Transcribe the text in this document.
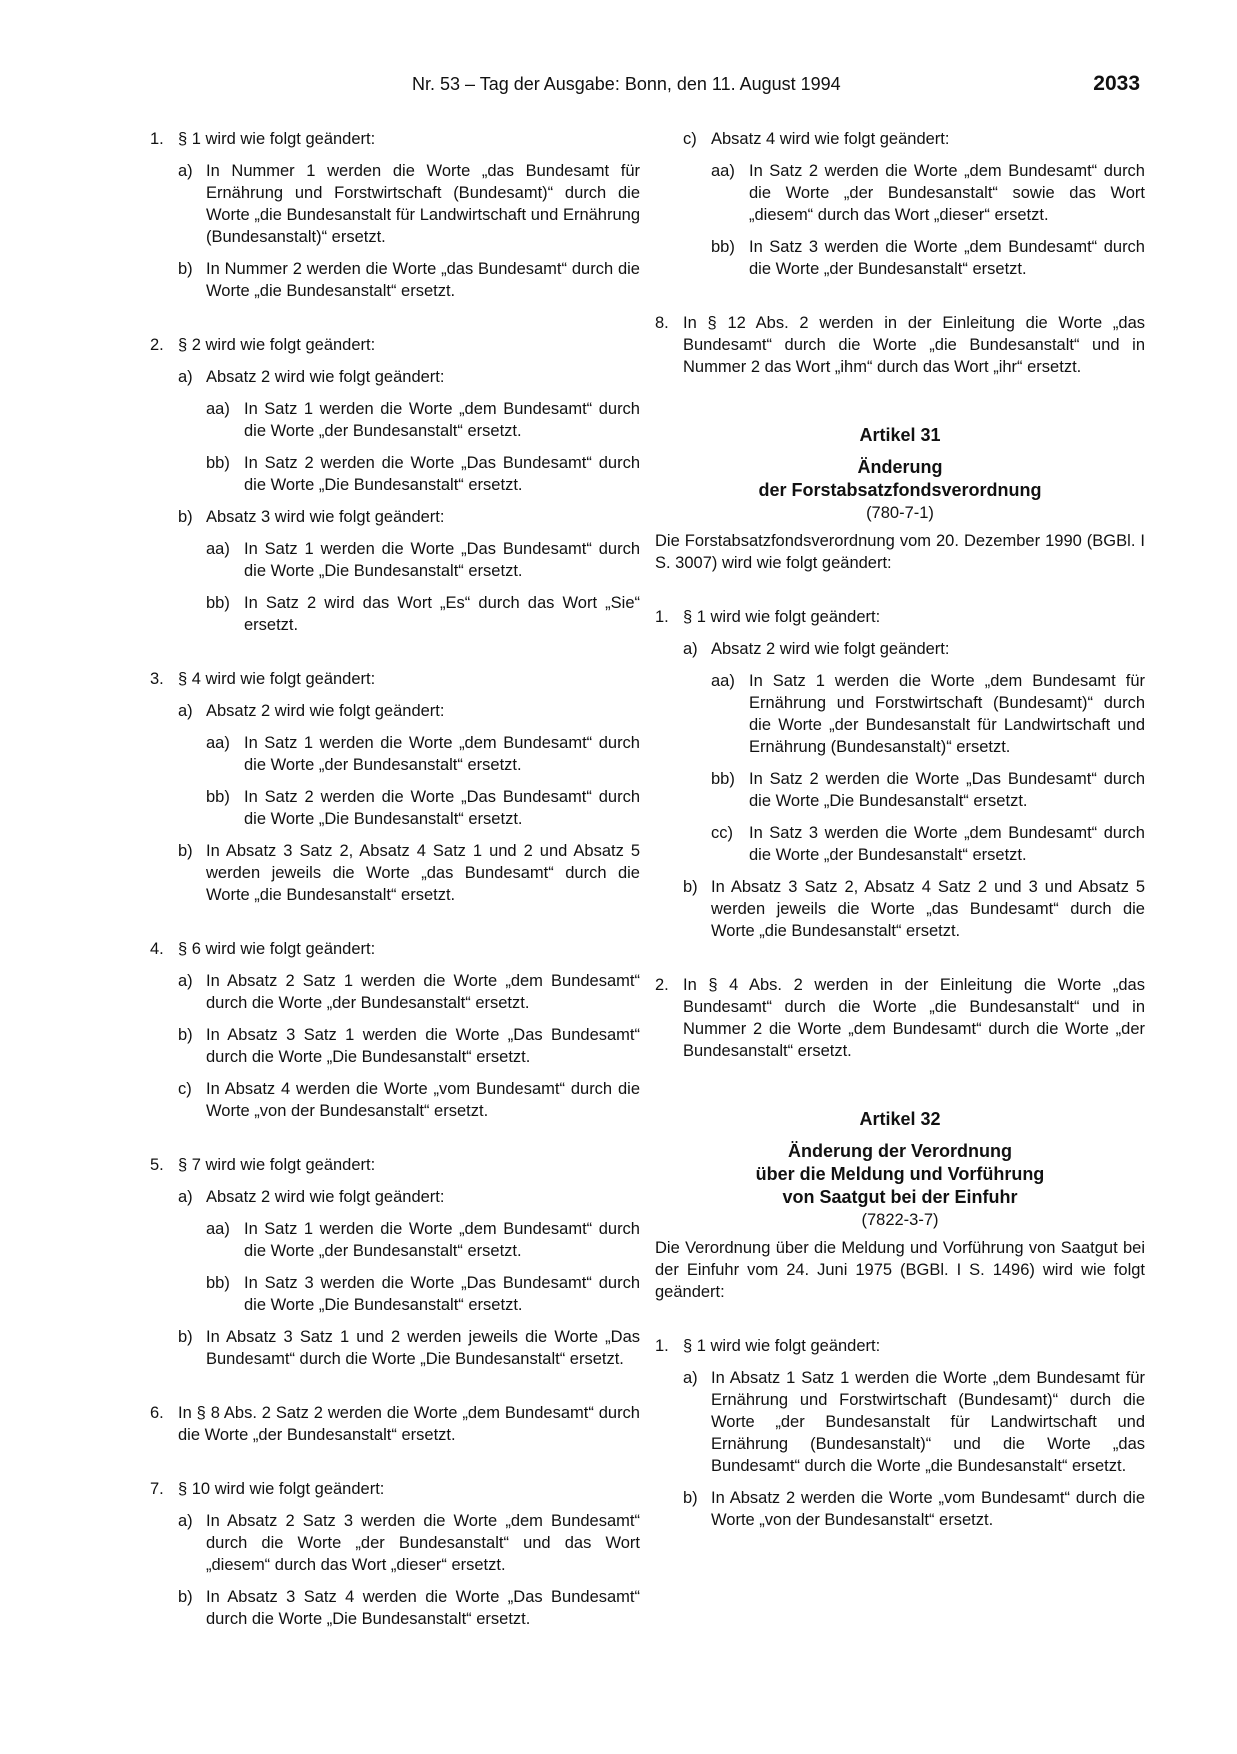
Nr. 53 – Tag der Ausgabe: Bonn, den 11. August 1994	2033
1. § 1 wird wie folgt geändert:
a) In Nummer 1 werden die Worte „das Bundesamt für Ernährung und Forstwirtschaft (Bundesamt)“ durch die Worte „die Bundesanstalt für Landwirtschaft und Ernährung (Bundesanstalt)“ ersetzt.
b) In Nummer 2 werden die Worte „das Bundesamt“ durch die Worte „die Bundesanstalt“ ersetzt.
2. § 2 wird wie folgt geändert:
a) Absatz 2 wird wie folgt geändert:
aa) In Satz 1 werden die Worte „dem Bundesamt“ durch die Worte „der Bundesanstalt“ ersetzt.
bb) In Satz 2 werden die Worte „Das Bundesamt“ durch die Worte „Die Bundesanstalt“ ersetzt.
b) Absatz 3 wird wie folgt geändert:
aa) In Satz 1 werden die Worte „Das Bundesamt“ durch die Worte „Die Bundesanstalt“ ersetzt.
bb) In Satz 2 wird das Wort „Es“ durch das Wort „Sie“ ersetzt.
3. § 4 wird wie folgt geändert:
a) Absatz 2 wird wie folgt geändert:
aa) In Satz 1 werden die Worte „dem Bundesamt“ durch die Worte „der Bundesanstalt“ ersetzt.
bb) In Satz 2 werden die Worte „Das Bundesamt“ durch die Worte „Die Bundesanstalt“ ersetzt.
b) In Absatz 3 Satz 2, Absatz 4 Satz 1 und 2 und Absatz 5 werden jeweils die Worte „das Bundesamt“ durch die Worte „die Bundesanstalt“ ersetzt.
4. § 6 wird wie folgt geändert:
a) In Absatz 2 Satz 1 werden die Worte „dem Bundesamt“ durch die Worte „der Bundesanstalt“ ersetzt.
b) In Absatz 3 Satz 1 werden die Worte „Das Bundesamt“ durch die Worte „Die Bundesanstalt“ ersetzt.
c) In Absatz 4 werden die Worte „vom Bundesamt“ durch die Worte „von der Bundesanstalt“ ersetzt.
5. § 7 wird wie folgt geändert:
a) Absatz 2 wird wie folgt geändert:
aa) In Satz 1 werden die Worte „dem Bundesamt“ durch die Worte „der Bundesanstalt“ ersetzt.
bb) In Satz 3 werden die Worte „Das Bundesamt“ durch die Worte „Die Bundesanstalt“ ersetzt.
b) In Absatz 3 Satz 1 und 2 werden jeweils die Worte „Das Bundesamt“ durch die Worte „Die Bundesanstalt“ ersetzt.
6. In § 8 Abs. 2 Satz 2 werden die Worte „dem Bundesamt“ durch die Worte „der Bundesanstalt“ ersetzt.
7. § 10 wird wie folgt geändert:
a) In Absatz 2 Satz 3 werden die Worte „dem Bundesamt“ durch die Worte „der Bundesanstalt“ und das Wort „diesem“ durch das Wort „dieser“ ersetzt.
b) In Absatz 3 Satz 4 werden die Worte „Das Bundesamt“ durch die Worte „Die Bundesanstalt“ ersetzt.
c) Absatz 4 wird wie folgt geändert:
aa) In Satz 2 werden die Worte „dem Bundesamt“ durch die Worte „der Bundesanstalt“ sowie das Wort „diesem“ durch das Wort „dieser“ ersetzt.
bb) In Satz 3 werden die Worte „dem Bundesamt“ durch die Worte „der Bundesanstalt“ ersetzt.
8. In § 12 Abs. 2 werden in der Einleitung die Worte „das Bundesamt“ durch die Worte „die Bundesanstalt“ und in Nummer 2 das Wort „ihm“ durch das Wort „ihr“ ersetzt.
Artikel 31
Änderung
der Forstabsatzfondsverordnung
(780-7-1)
Die Forstabsatzfondsverordnung vom 20. Dezember 1990 (BGBl. I S. 3007) wird wie folgt geändert:
1. § 1 wird wie folgt geändert:
a) Absatz 2 wird wie folgt geändert:
aa) In Satz 1 werden die Worte „dem Bundesamt für Ernährung und Forstwirtschaft (Bundesamt)“ durch die Worte „der Bundesanstalt für Landwirtschaft und Ernährung (Bundesanstalt)“ ersetzt.
bb) In Satz 2 werden die Worte „Das Bundesamt“ durch die Worte „Die Bundesanstalt“ ersetzt.
cc) In Satz 3 werden die Worte „dem Bundesamt“ durch die Worte „der Bundesanstalt“ ersetzt.
b) In Absatz 3 Satz 2, Absatz 4 Satz 2 und 3 und Absatz 5 werden jeweils die Worte „das Bundesamt“ durch die Worte „die Bundesanstalt“ ersetzt.
2. In § 4 Abs. 2 werden in der Einleitung die Worte „das Bundesamt“ durch die Worte „die Bundesanstalt“ und in Nummer 2 die Worte „dem Bundesamt“ durch die Worte „der Bundesanstalt“ ersetzt.
Artikel 32
Änderung der Verordnung
über die Meldung und Vorführung
von Saatgut bei der Einfuhr
(7822-3-7)
Die Verordnung über die Meldung und Vorführung von Saatgut bei der Einfuhr vom 24. Juni 1975 (BGBl. I S. 1496) wird wie folgt geändert:
1. § 1 wird wie folgt geändert:
a) In Absatz 1 Satz 1 werden die Worte „dem Bundesamt für Ernährung und Forstwirtschaft (Bundesamt)“ durch die Worte „der Bundesanstalt für Landwirtschaft und Ernährung (Bundesanstalt)“ und die Worte „das Bundesamt“ durch die Worte „die Bundesanstalt“ ersetzt.
b) In Absatz 2 werden die Worte „vom Bundesamt“ durch die Worte „von der Bundesanstalt“ ersetzt.
